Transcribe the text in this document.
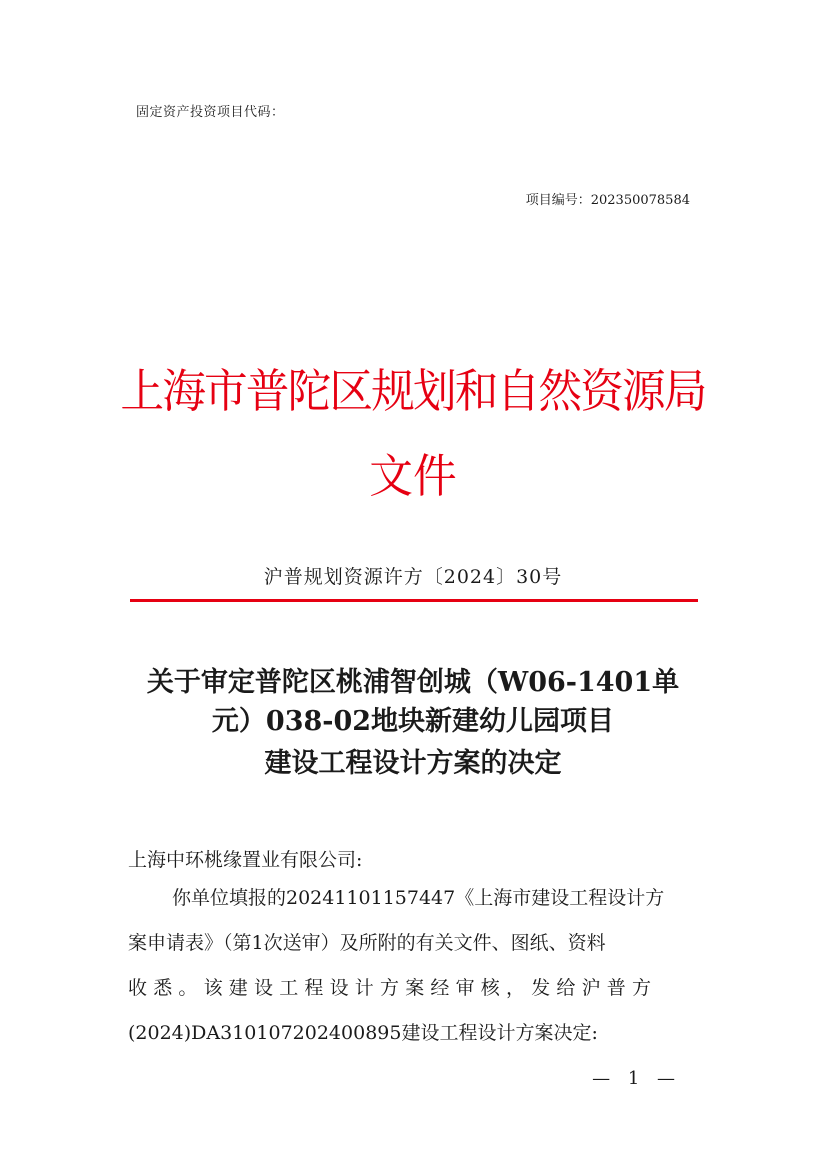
固定资产投资项目代码：
项目编号：202350078584
上海市普陀区规划和自然资源局
文件
沪普规划资源许方〔2024〕30号
关于审定普陀区桃浦智创城（W06-1401单
元）038-02地块新建幼儿园项目
建设工程设计方案的决定
上海中环桃缘置业有限公司:
你单位填报的20241101157447《上海市建设工程设计方
案申请表》（第1次送审）及所附的有关文件、图纸、资料
收悉。该建设工程设计方案经审核，发给沪普方
(2024)DA310107202400895建设工程设计方案决定:
— 1 —
